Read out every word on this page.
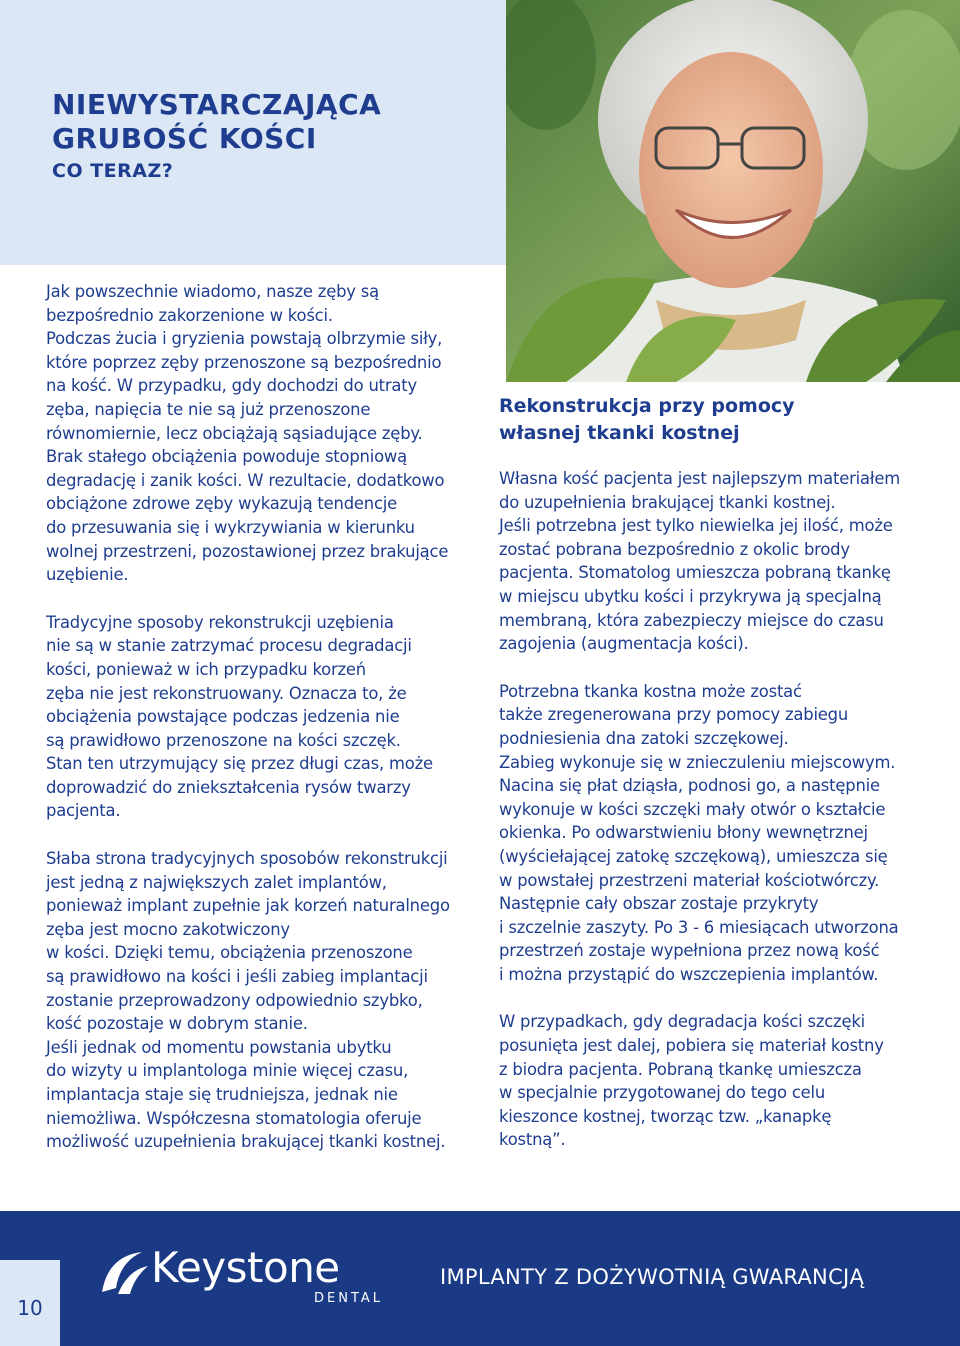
NIEWYSTARCZAJĄCA
GRUBOŚĆ KOŚCI
CO TERAZ?

Jak powszechnie wiadomo, nasze zęby są
bezpośrednio zakorzenione w kości.
Podczas żucia i gryzienia powstają olbrzymie siły,
które poprzez zęby przenoszone są bezpośrednio
na kość. W przypadku, gdy dochodzi do utraty
zęba, napięcia te nie są już przenoszone
równomiernie, lecz obciążają sąsiadujące zęby.
Brak stałego obciążenia powoduje stopniową
degradację i zanik kości. W rezultacie, dodatkowo
obciążone zdrowe zęby wykazują tendencje
do przesuwania się i wykrzywiania w kierunku
wolnej przestrzeni, pozostawionej przez brakujące
uzębienie.

Tradycyjne sposoby rekonstrukcji uzębienia
nie są w stanie zatrzymać procesu degradacji
kości, ponieważ w ich przypadku korzeń
zęba nie jest rekonstruowany. Oznacza to, że
obciążenia powstające podczas jedzenia nie
są prawidłowo przenoszone na kości szczęk.
Stan ten utrzymujący się przez długi czas, może
doprowadzić do zniekształcenia rysów twarzy
pacjenta.

Słaba strona tradycyjnych sposobów rekonstrukcji
jest jedną z największych zalet implantów,
ponieważ implant zupełnie jak korzeń naturalnego
zęba jest mocno zakotwiczony
w kości. Dzięki temu, obciążenia przenoszone
są prawidłowo na kości i jeśli zabieg implantacji
zostanie przeprowadzony odpowiednio szybko,
kość pozostaje w dobrym stanie.
Jeśli jednak od momentu powstania ubytku
do wizyty u implantologa minie więcej czasu,
implantacja staje się trudniejsza, jednak nie
niemożliwa. Współczesna stomatologia oferuje
możliwość uzupełnienia brakującej tkanki kostnej.

Rekonstrukcja przy pomocy
własnej tkanki kostnej

Własna kość pacjenta jest najlepszym materiałem
do uzupełnienia brakującej tkanki kostnej.
Jeśli potrzebna jest tylko niewielka jej ilość, może
zostać pobrana bezpośrednio z okolic brody
pacjenta. Stomatolog umieszcza pobraną tkankę
w miejscu ubytku kości i przykrywa ją specjalną
membraną, która zabezpieczy miejsce do czasu
zagojenia (augmentacja kości).

Potrzebna tkanka kostna może zostać
także zregenerowana przy pomocy zabiegu
podniesienia dna zatoki szczękowej.
Zabieg wykonuje się w znieczuleniu miejscowym.
Nacina się płat dziąsła, podnosi go, a następnie
wykonuje w kości szczęki mały otwór o kształcie
okienka. Po odwarstwieniu błony wewnętrznej
(wyściełającej zatokę szczękową), umieszcza się
w powstałej przestrzeni materiał kościotwórczy.
Następnie cały obszar zostaje przykryty
i szczelnie zaszyty. Po 3 - 6 miesiącach utworzona
przestrzeń zostaje wypełniona przez nową kość
i można przystąpić do wszczepienia implantów.

W przypadkach, gdy degradacja kości szczęki
posunięta jest dalej, pobiera się materiał kostny
z biodra pacjenta. Pobraną tkankę umieszcza
w specjalnie przygotowanej do tego celu
kieszonce kostnej, tworząc tzw. „kanapkę
kostną”.

10
Keystone
DENTAL
IMPLANTY Z DOŻYWOTNIĄ GWARANCJĄ
